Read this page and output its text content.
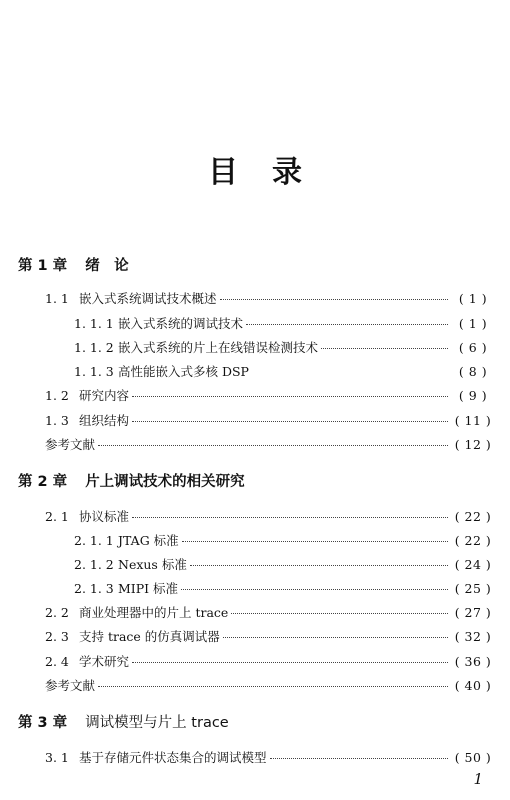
目录
第 1 章 绪　论
1. 1 嵌入式系统调试技术概述	( 1 )
1. 1. 1 嵌入式系统的调试技术	( 1 )
1. 1. 2 嵌入式系统的片上在线错误检测技术	( 6 )
1. 1. 3 高性能嵌入式多核 DSP	( 8 )
1. 2 研究内容	( 9 )
1. 3 组织结构	( 11 )
参考文献	( 12 )
第 2 章 片上调试技术的相关研究
2. 1 协议标准	( 22 )
2. 1. 1 JTAG 标准	( 22 )
2. 1. 2 Nexus 标准	( 24 )
2. 1. 3 MIPI 标准	( 25 )
2. 2 商业处理器中的片上 trace	( 27 )
2. 3 支持 trace 的仿真调试器	( 32 )
2. 4 学术研究	( 36 )
参考文献	( 40 )
第 3 章 调试模型与片上 trace
3. 1 基于存储元件状态集合的调试模型	( 50 )
1
